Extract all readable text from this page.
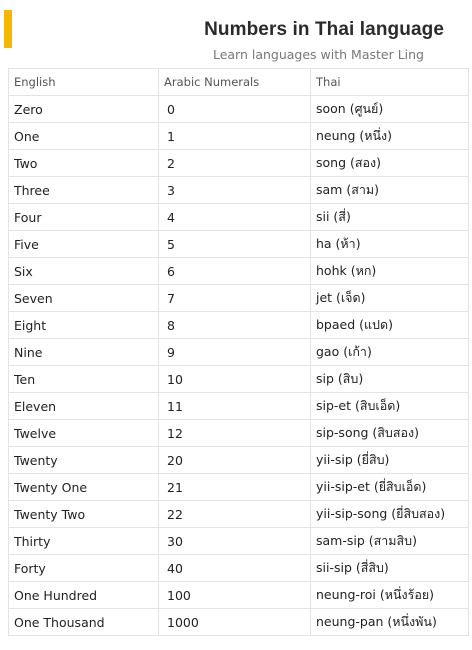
Numbers in Thai language
Learn languages with Master Ling
English	Arabic Numerals	Thai
Zero	0	soon (ศูนย์)
One	1	neung (หนึ่ง)
Two	2	song (สอง)
Three	3	sam (สาม)
Four	4	sii (สี่)
Five	5	ha (ห้า)
Six	6	hohk (หก)
Seven	7	jet (เจ็ด)
Eight	8	bpaed (แปด)
Nine	9	gao (เก้า)
Ten	10	sip (สิบ)
Eleven	11	sip-et (สิบเอ็ด)
Twelve	12	sip-song (สิบสอง)
Twenty	20	yii-sip (ยี่สิบ)
Twenty One	21	yii-sip-et (ยี่สิบเอ็ด)
Twenty Two	22	yii-sip-song (ยี่สิบสอง)
Thirty	30	sam-sip (สามสิบ)
Forty	40	sii-sip (สี่สิบ)
One Hundred	100	neung-roi (หนึ่งร้อย)
One Thousand	1000	neung-pan (หนึ่งพัน)
